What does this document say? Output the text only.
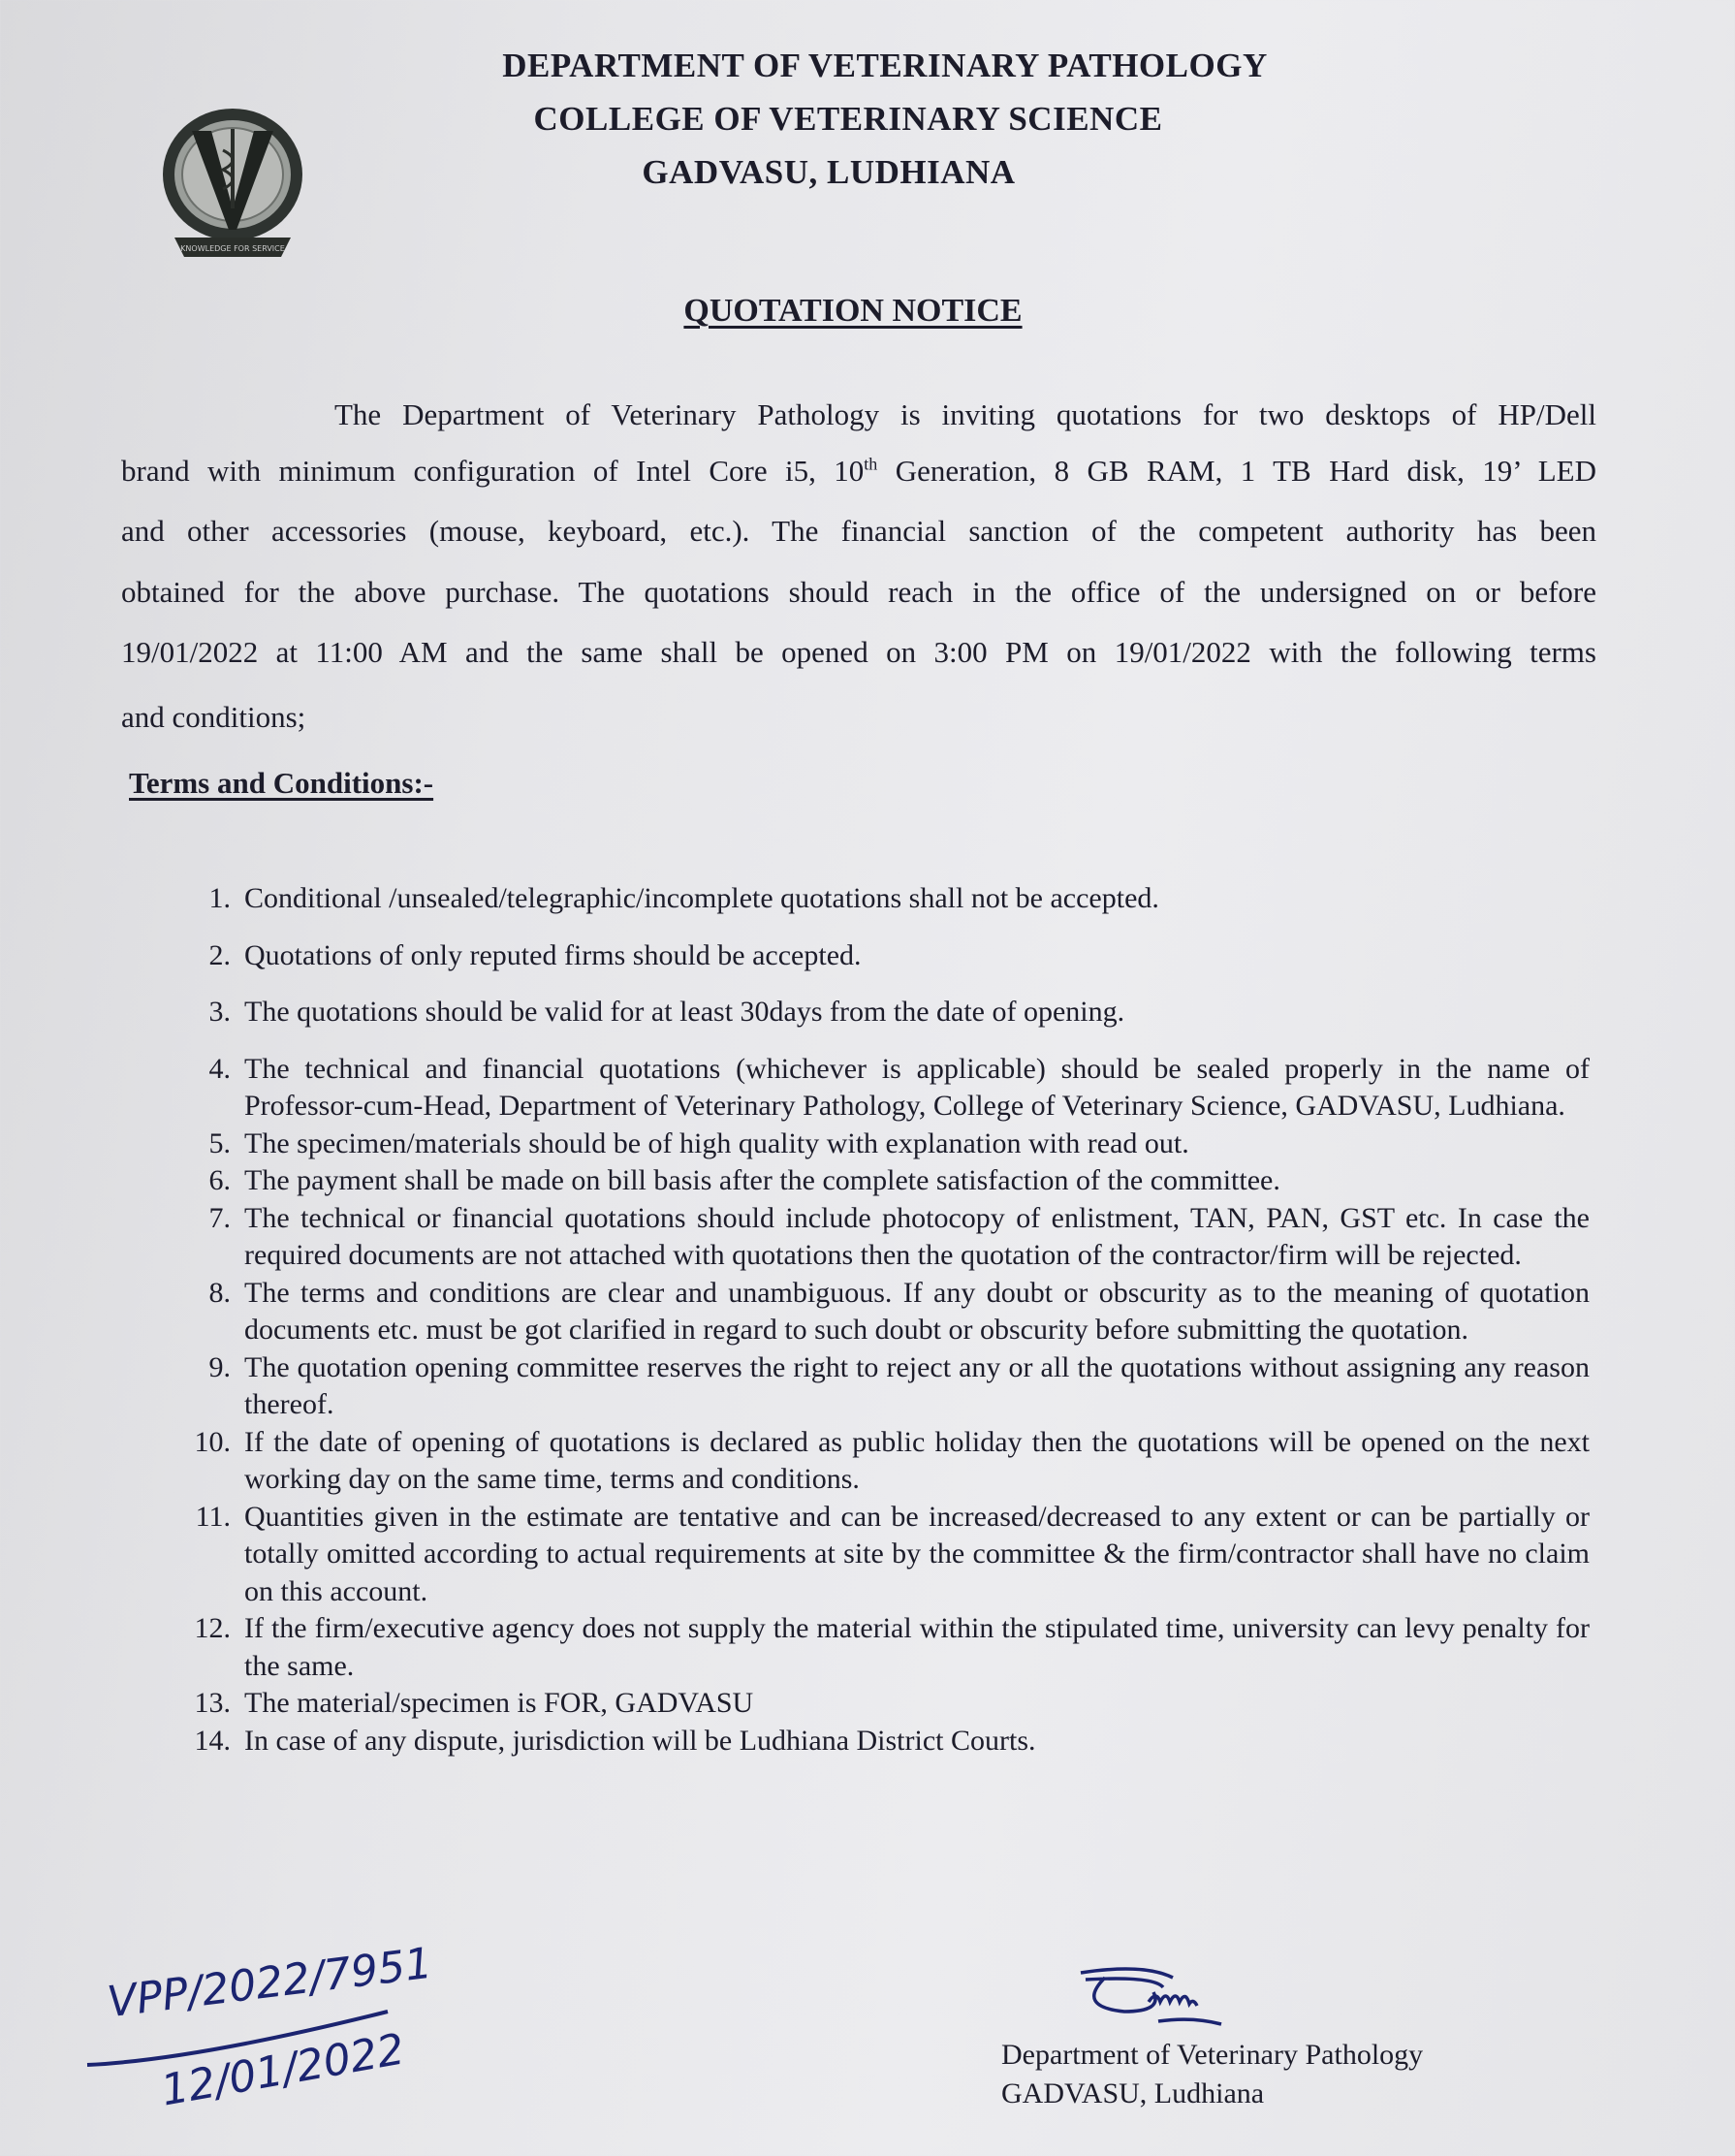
KNOWLEDGE FOR SERVICE
DEPARTMENT OF VETERINARY PATHOLOGY
COLLEGE OF VETERINARY SCIENCE
GADVASU, LUDHIANA
QUOTATION NOTICE
The Department of Veterinary Pathology is inviting quotations for two desktops of HP/Dell
brand with minimum configuration of Intel Core i5, 10th Generation, 8 GB RAM, 1 TB Hard disk, 19’ LED
and other accessories (mouse, keyboard, etc.). The financial sanction of the competent authority has been
obtained for the above purchase. The quotations should reach in the office of the undersigned on or before
19/01/2022 at 11:00 AM and the same shall be opened on 3:00 PM on 19/01/2022 with the following terms
and conditions;
Terms and Conditions:-
1. Conditional /unsealed/telegraphic/incomplete quotations shall not be accepted.
2. Quotations of only reputed firms should be accepted.
3. The quotations should be valid for at least 30days from the date of opening.
4. The technical and financial quotations (whichever is applicable) should be sealed properly in the name of Professor-cum-Head, Department of Veterinary Pathology, College of Veterinary Science, GADVASU, Ludhiana.
5. The specimen/materials should be of high quality with explanation with read out.
6. The payment shall be made on bill basis after the complete satisfaction of the committee.
7. The technical or financial quotations should include photocopy of enlistment, TAN, PAN, GST etc. In case the required documents are not attached with quotations then the quotation of the contractor/firm will be rejected.
8. The terms and conditions are clear and unambiguous. If any doubt or obscurity as to the meaning of quotation documents etc. must be got clarified in regard to such doubt or obscurity before submitting the quotation.
9. The quotation opening committee reserves the right to reject any or all the quotations without assigning any reason thereof.
10. If the date of opening of quotations is declared as public holiday then the quotations will be opened on the next working day on the same time, terms and conditions.
11. Quantities given in the estimate are tentative and can be increased/decreased to any extent or can be partially or totally omitted according to actual requirements at site by the committee & the firm/contractor shall have no claim on this account.
12. If the firm/executive agency does not supply the material within the stipulated time, university can levy penalty for the same.
13. The material/specimen is FOR, GADVASU
14. In case of any dispute, jurisdiction will be Ludhiana District Courts.
VPP/2022/7951
12/01/2022	Department of Veterinary Pathology
GADVASU, Ludhiana
